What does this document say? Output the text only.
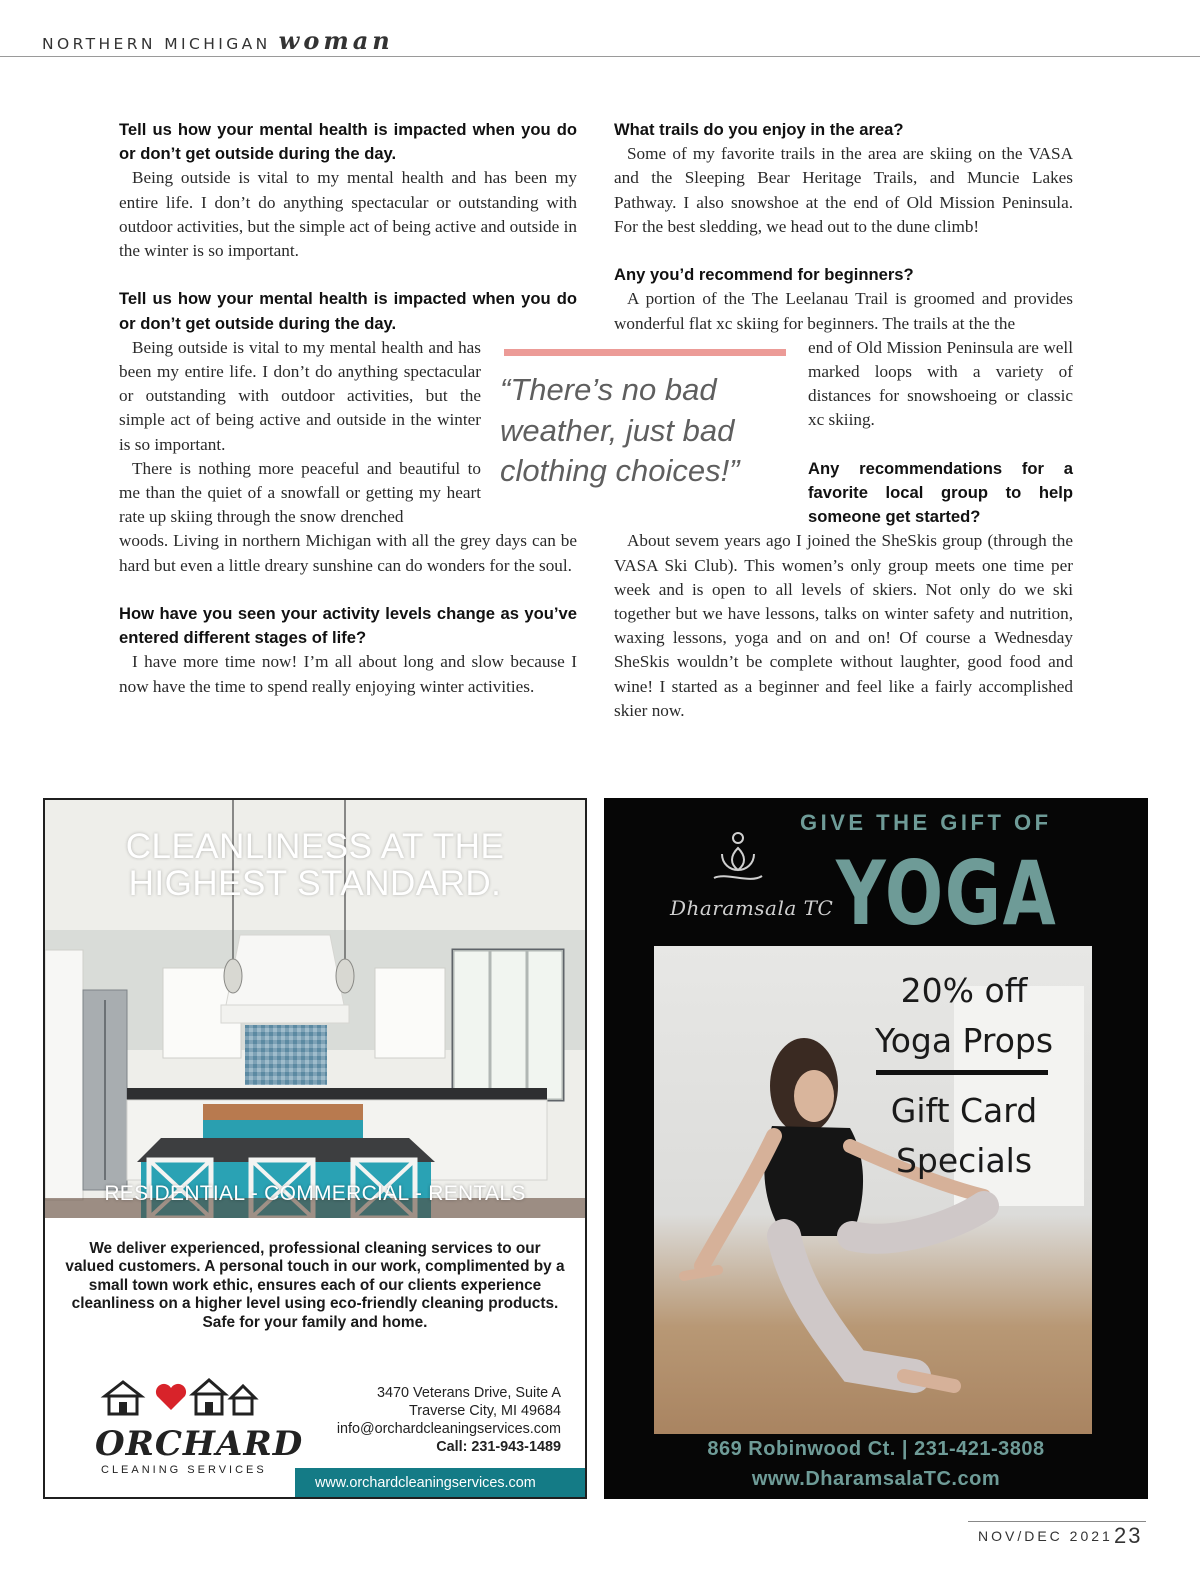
NORTHERN MICHIGAN woman
Tell us how your mental health is impacted when you do or don’t get outside during the day.
Being outside is vital to my mental health and has been my entire life. I don’t do anything spectacular or outstanding with outdoor activities, but the simple act of being active and outside in the winter is so important.
Tell us how your mental health is impacted when you do or don’t get outside during the day.
Being outside is vital to my mental health and has been my entire life. I don’t do anything spectacular or outstanding with outdoor activities, but the simple act of being active and outside in the winter is so important.
There is nothing more peaceful and beautiful to me than the quiet of a snowfall or getting my heart rate up skiing through the snow drenched
woods. Living in northern Michigan with all the grey days can be hard but even a little dreary sunshine can do wonders for the soul.
How have you seen your activity levels change as you’ve entered different stages of life?
I have more time now! I’m all about long and slow because I now have the time to spend really enjoying winter activities.
What trails do you enjoy in the area?
Some of my favorite trails in the area are skiing on the VASA and the Sleeping Bear Heritage Trails, and Muncie Lakes Pathway. I also snowshoe at the end of Old Mission Peninsula. For the best sledding, we head out to the dune climb!
Any you’d recommend for beginners?
A portion of the The Leelanau Trail is groomed and provides wonderful flat xc skiing for beginners. The trails at the the
end of Old Mission Peninsula are well marked loops with a variety of distances for snowshoeing or classic xc skiing.
Any recommendations for a favorite local group to help someone get started?
About sevem years ago I joined the SheSkis group (through the VASA Ski Club). This women’s only group meets one time per week and is open to all levels of skiers. Not only do we ski together but we have lessons, talks on winter safety and nutrition, waxing lessons, yoga and on and on! Of course a Wednesday SheSkis wouldn’t be complete without laughter, good food and wine! I started as a beginner and feel like a fairly accomplished skier now.
“There’s no bad weather, just bad clothing choices!”
CLEANLINESS AT THE
HIGHEST STANDARD.
RESIDENTIAL - COMMERCIAL - RENTALS
We deliver experienced, professional cleaning services to our valued customers. A personal touch in our work, complimented by a small town work ethic, ensures each of our clients experience cleanliness on a higher level using eco-friendly cleaning products. Safe for your family and home.
ORCHARD
CLEANING SERVICES
3470 Veterans Drive, Suite A
Traverse City, MI 49684
info@orchardcleaningservices.com
Call: 231-943-1489
www.orchardcleaningservices.com
GIVE THE GIFT OF
Dharamsala TC YOGA
20% off
Yoga Props
Gift Card
Specials
869 Robinwood Ct. | 231-421-3808
www.DharamsalaTC.com
NOV/DEC 2021 23
